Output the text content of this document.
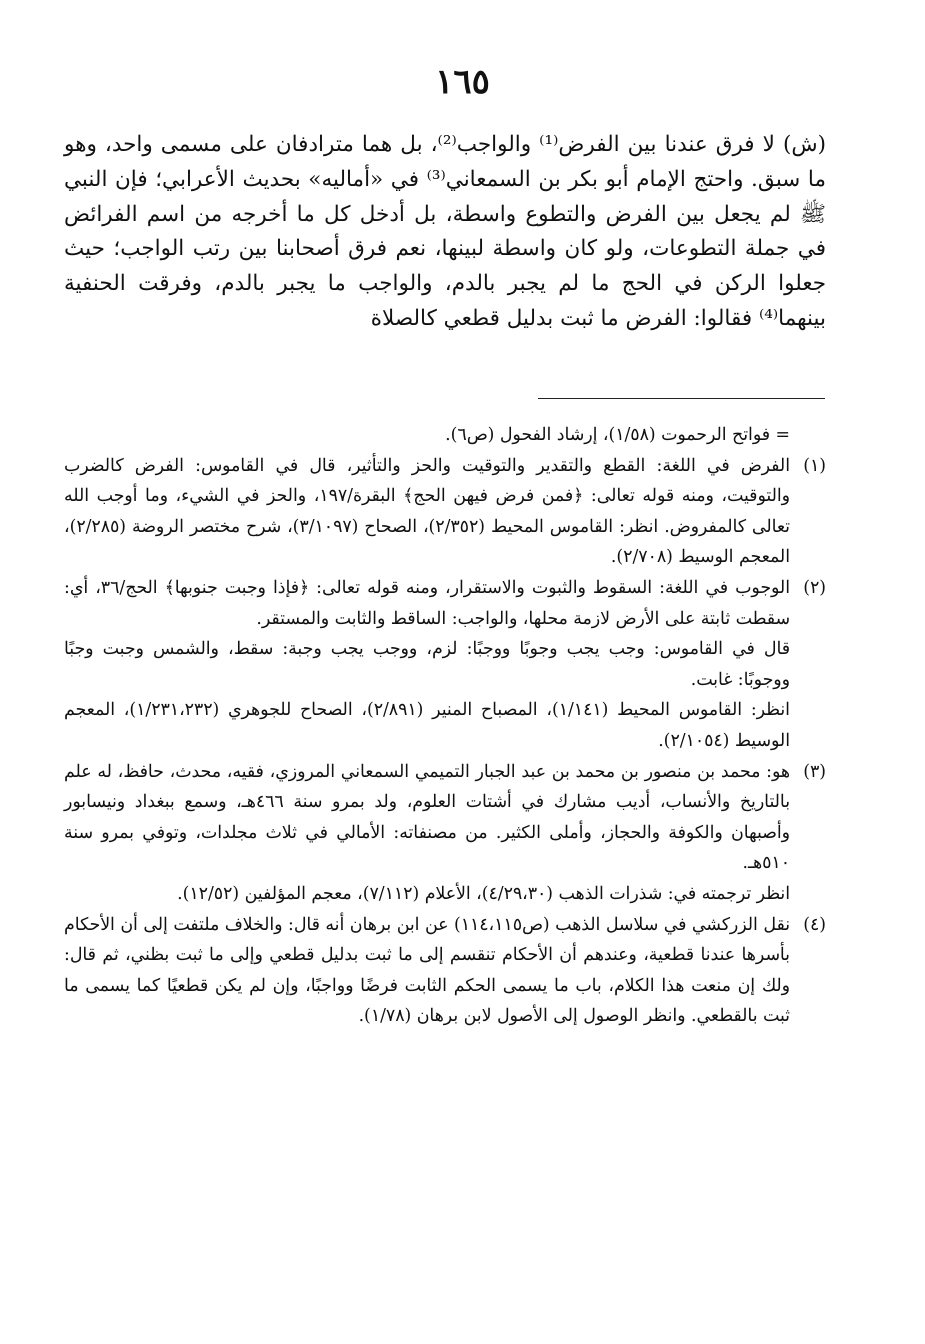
١٦٥
(ش) لا فرق عندنا بين الفرض⁽¹⁾ والواجب⁽²⁾، بل هما مترادفان على مسمى واحد، وهو ما سبق. واحتج الإمام أبو بكر بن السمعاني⁽³⁾ في «أماليه» بحديث الأعرابي؛ فإن النبي ﷺ لم يجعل بين الفرض والتطوع واسطة، بل أدخل كل ما أخرجه من اسم الفرائض في جملة التطوعات، ولو كان واسطة لبينها، نعم فرق أصحابنا بين رتب الواجب؛ حيث جعلوا الركن في الحج ما لم يجبر بالدم، والواجب ما يجبر بالدم، وفرقت الحنفية بينهما⁽⁴⁾ فقالوا: الفرض ما ثبت بدليل قطعي كالصلاة
= فواتح الرحموت (١/٥٨)، إرشاد الفحول (ص٦).
(١)

الفرض في اللغة: القطع والتقدير والتوقيت والحز والتأثير، قال في القاموس: الفرض كالضرب والتوقيت، ومنه قوله تعالى: ﴿فمن فرض فيهن الحج﴾ البقرة/١٩٧، والحز في الشيء، وما أوجب الله تعالى كالمفروض. انظر: القاموس المحيط (٢/٣٥٢)، الصحاح (٣/١٠٩٧)، شرح مختصر الروضة (٢/٢٨٥)، المعجم الوسيط (٢/٧٠٨).

(٢)

الوجوب في اللغة: السقوط والثبوت والاستقرار، ومنه قوله تعالى: ﴿فإذا وجبت جنوبها﴾ الحج/٣٦، أي: سقطت ثابتة على الأرض لازمة محلها، والواجب: الساقط والثابت والمستقر.

قال في القاموس: وجب يجب وجوبًا ووجبًا: لزم، ووجب يجب وجبة: سقط، والشمس وجبت وجبًا ووجوبًا: غابت.

انظر: القاموس المحيط (١/١٤١)، المصباح المنير (٢/٨٩١)، الصحاح للجوهري (١/٢٣١،٢٣٢)، المعجم الوسيط (٢/١٠٥٤).

(٣)

هو: محمد بن منصور بن محمد بن عبد الجبار التميمي السمعاني المروزي، فقيه، محدث، حافظ، له علم بالتاريخ والأنساب، أديب مشارك في أشتات العلوم، ولد بمرو سنة ٤٦٦هـ، وسمع ببغداد ونيسابور وأصبهان والكوفة والحجاز، وأملى الكثير. من مصنفاته: الأمالي في ثلاث مجلدات، وتوفي بمرو سنة ٥١٠هـ.

انظر ترجمته في: شذرات الذهب (٤/٢٩،٣٠)، الأعلام (٧/١١٢)، معجم المؤلفين (١٢/٥٢).

(٤)

نقل الزركشي في سلاسل الذهب (ص١١٤،١١٥) عن ابن برهان أنه قال: والخلاف ملتفت إلى أن الأحكام بأسرها عندنا قطعية، وعندهم أن الأحكام تنقسم إلى ما ثبت بدليل قطعي وإلى ما ثبت بظني، ثم قال: ولك إن منعت هذا الكلام، باب ما يسمى الحكم الثابت فرضًا وواجبًا، وإن لم يكن قطعيًا كما يسمى ما ثبت بالقطعي. وانظر الوصول إلى الأصول لابن برهان (١/٧٨).
